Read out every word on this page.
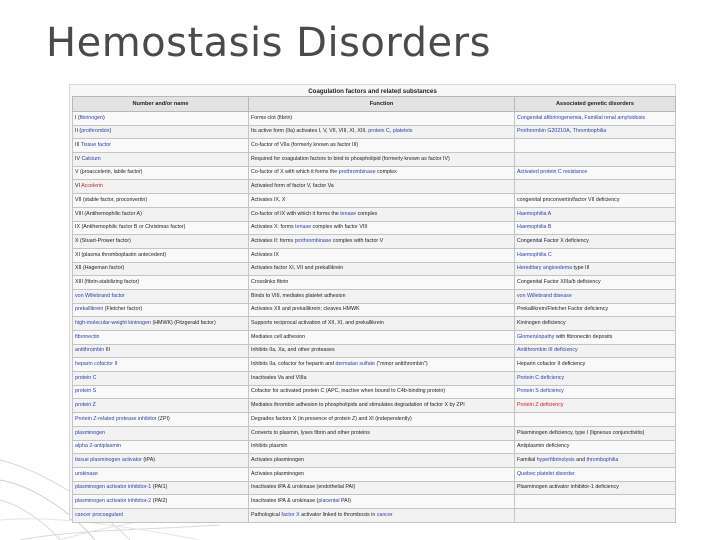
Hemostasis Disorders
Coagulation factors and related substances
Number and/or name	Function	Associated genetic disorders
I (fibrinogen)	Forms clot (fibrin)	Congenital afibrinogenemia, Familial renal amyloidosis
II (prothrombin)	Its active form (IIa) activates I, V, VII, VIII, XI, XIII, protein C, platelets	Prothrombin G20210A, Thrombophilia
III Tissue factor	Co-factor of VIIa (formerly known as factor III)	
IV Calcium	Required for coagulation factors to bind to phospholipid (formerly known as factor IV)	
V (proaccelerin, labile factor)	Co-factor of X with which it forms the prothrombinase complex	Activated protein C resistance
VI Accelerin	Activated form of factor V, factor Va	
VII (stable factor, proconvertin)	Activates IX, X	congenital proconvertin/factor VII deficiency
VIII (Antihemophilic factor A)	Co-factor of IX with which it forms the tenase complex	Haemophilia A
IX (Antihemophilic factor B or Christmas factor)	Activates X: forms tenase complex with factor VIII	Haemophilia B
X (Stuart-Prower factor)	Activates II: forms prothrombinase complex with factor V	Congenital Factor X deficiency
XI (plasma thromboplastin antecedent)	Activates IX	Haemophilia C
XII (Hageman factor)	Activates factor XI, VII and prekallikrein	Hereditary angioedema type III
XIII (fibrin-stabilizing factor)	Crosslinks fibrin	Congenital Factor XIIIa/b deficiency
von Willebrand factor	Binds to VIII, mediates platelet adhesion	von Willebrand disease
prekallikrein (Fletcher factor)	Activates XII and prekallikrein; cleaves HMWK	Prekallikrein/Fletcher Factor deficiency
high-molecular-weight kininogen (HMWK) (Fitzgerald factor)	Supports reciprocal activation of XII, XI, and prekallikrein	Kininogen deficiency
fibronectin	Mediates cell adhesion	Glomerulopathy with fibronectin deposits
antithrombin III	Inhibits IIa, Xa, and other proteases	Antithrombin III deficiency
heparin cofactor II	Inhibits IIa, cofactor for heparin and dermatan sulfate ("minor antithrombin")	Heparin cofactor II deficiency
protein C	Inactivates Va and VIIIa	Protein C deficiency
protein S	Cofactor for activated protein C (APC, inactive when bound to C4b-binding protein)	Protein S deficiency
protein Z	Mediates thrombin adhesion to phospholipids and stimulates degradation of factor X by ZPI	Protein Z deficiency
Protein Z-related protease inhibitor (ZPI)	Degrades factors X (in presence of protein Z) and XI (independently)	
plasminogen	Converts to plasmin, lyses fibrin and other proteins	Plasminogen deficiency, type I (ligneous conjunctivitis)
alpha 2-antiplasmin	Inhibits plasmin	Antiplasmin deficiency
tissue plasminogen activator (tPA)	Activates plasminogen	Familial hyperfibrinolysis and thrombophilia
urokinase	Activates plasminogen	Quebec platelet disorder
plasminogen activator inhibitor-1 (PAI1)	Inactivates tPA & urokinase (endothelial PAI)	Plasminogen activator inhibitor-1 deficiency
plasminogen activator inhibitor-2 (PAI2)	Inactivates tPA & urokinase (placental PAI)	
cancer procoagulant	Pathological factor X activator linked to thrombosis in cancer	
